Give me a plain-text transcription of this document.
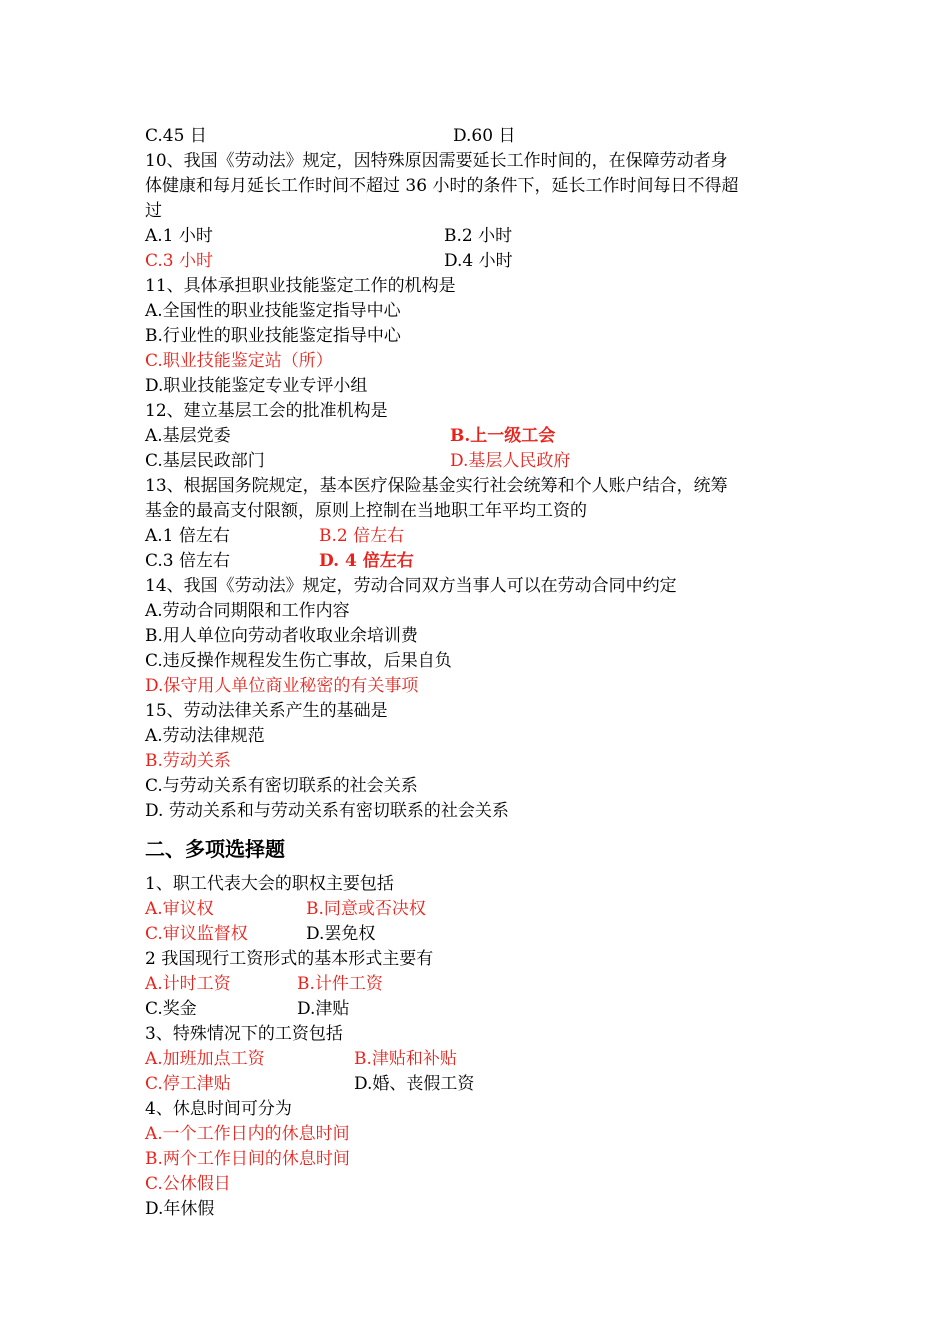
C.45 日	D.60 日
10、我国《劳动法》规定，因特殊原因需要延长工作时间的，在保障劳动者身
体健康和每月延长工作时间不超过 36 小时的条件下，延长工作时间每日不得超
过
A.1 小时	B.2 小时
C.3 小时	D.4 小时
11、具体承担职业技能鉴定工作的机构是
A.全国性的职业技能鉴定指导中心
B.行业性的职业技能鉴定指导中心
C.职业技能鉴定站（所）
D.职业技能鉴定专业专评小组
12、建立基层工会的批准机构是
A.基层党委	B.上一级工会
C.基层民政部门	D.基层人民政府
13、根据国务院规定，基本医疗保险基金实行社会统筹和个人账户结合，统筹
基金的最高支付限额，原则上控制在当地职工年平均工资的
A.1 倍左右	B.2 倍左右
C.3 倍左右	D. 4 倍左右
14、我国《劳动法》规定，劳动合同双方当事人可以在劳动合同中约定
A.劳动合同期限和工作内容
B.用人单位向劳动者收取业余培训费
C.违反操作规程发生伤亡事故，后果自负
D.保守用人单位商业秘密的有关事项
15、劳动法律关系产生的基础是
A.劳动法律规范
B.劳动关系
C.与劳动关系有密切联系的社会关系
D. 劳动关系和与劳动关系有密切联系的社会关系
二、多项选择题
1、职工代表大会的职权主要包括
A.审议权	B.同意或否决权
C.审议监督权	D.罢免权
2 我国现行工资形式的基本形式主要有
A.计时工资	B.计件工资
C.奖金	D.津贴
3、特殊情况下的工资包括
A.加班加点工资	B.津贴和补贴
C.停工津贴	D.婚、丧假工资
4、休息时间可分为
A.一个工作日内的休息时间
B.两个工作日间的休息时间
C.公休假日
D.年休假
